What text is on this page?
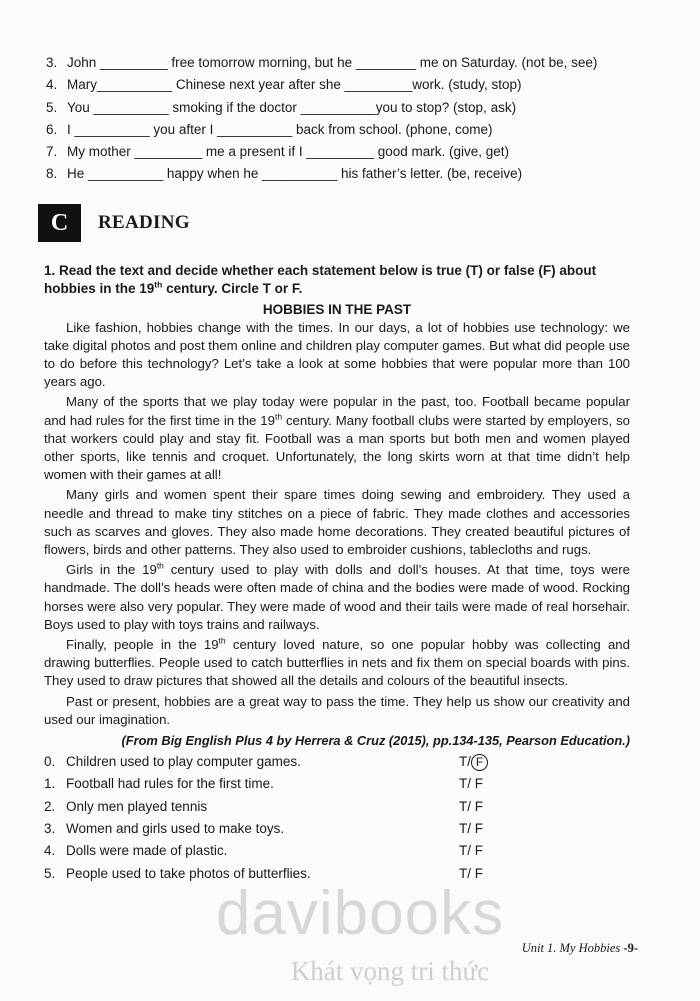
3. John _________ free tomorrow morning, but he ________ me on Saturday. (not be, see)
4. Mary__________ Chinese next year after she _________work. (study, stop)
5. You __________ smoking if the doctor __________you to stop? (stop, ask)
6. I __________ you after I __________ back from school. (phone, come)
7. My mother _________ me a present if I _________ good mark. (give, get)
8. He __________ happy when he __________ his father’s letter. (be, receive)
C	READING
1. Read the text and decide whether each statement below is true (T) or false (F) about hobbies in the 19th century. Circle T or F.
HOBBIES IN THE PAST

Like fashion, hobbies change with the times. In our days, a lot of hobbies use technology: we take digital photos and post them online and children play computer games. But what did people use to do before this technology? Let’s take a look at some hobbies that were popular more than 100 years ago.

Many of the sports that we play today were popular in the past, too. Football became popular and had rules for the first time in the 19th century. Many football clubs were started by employers, so that workers could play and stay fit. Football was a man sports but both men and women played other sports, like tennis and croquet. Unfortunately, the long skirts worn at that time didn’t help women with their games at all!

Many girls and women spent their spare times doing sewing and embroidery. They used a needle and thread to make tiny stitches on a piece of fabric. They made clothes and accessories such as scarves and gloves. They also made home decorations. They created beautiful pictures of flowers, birds and other patterns. They also used to embroider cushions, tablecloths and rugs.

Girls in the 19th century used to play with dolls and doll’s houses. At that time, toys were handmade. The doll’s heads were often made of china and the bodies were made of wood. Rocking horses were also very popular. They were made of wood and their tails were made of real horsehair. Boys used to play with toys trains and railways.

Finally, people in the 19th century loved nature, so one popular hobby was collecting and drawing butterflies. People used to catch butterflies in nets and fix them on special boards with pins. They used to draw pictures that showed all the details and colours of the beautiful insects.

Past or present, hobbies are a great way to pass the time. They help us show our creativity and used our imagination.

(From Big English Plus 4 by Herrera & Cruz (2015), pp.134-135, Pearson Education.)
0. Children used to play computer games.	T/ F
1. Football had rules for the first time.	T/ F
2. Only men played tennis	T/ F
3. Women and girls used to make toys.	T/ F
4. Dolls were made of plastic.	T/ F
5. People used to take photos of butterflies.	T/ F
Unit 1. My Hobbies -9-
davibooks
Khát vọng tri thức
